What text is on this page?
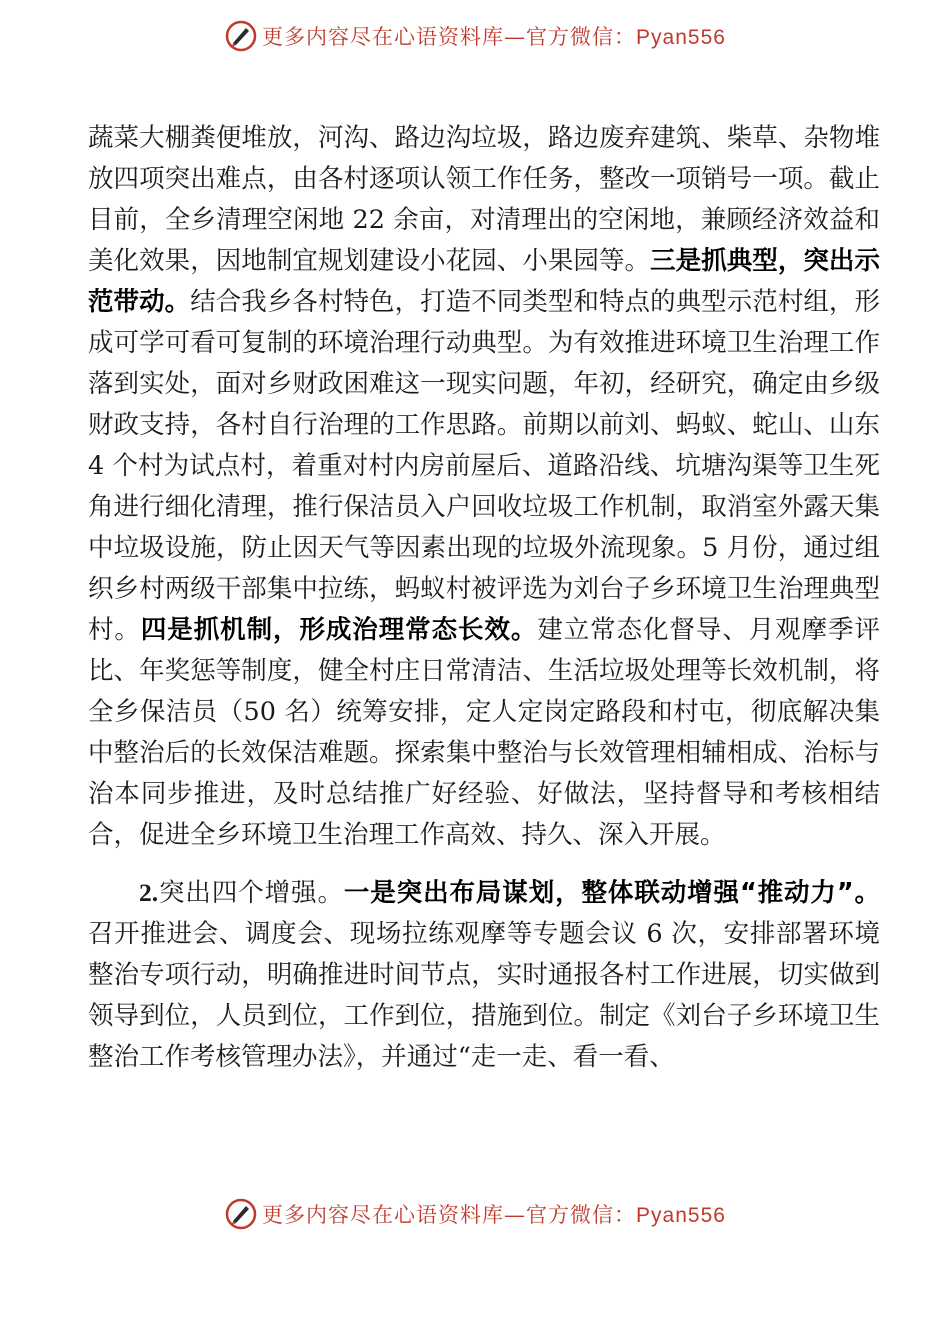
更多内容尽在心语资料库—官方微信：Pyan556

蔬菜大棚粪便堆放，河沟、路边沟垃圾，路边废弃建筑、柴草、杂物堆放四项突出难点，由各村逐项认领工作任务，整改一项销号一项。截止目前，全乡清理空闲地 22 余亩，对清理出的空闲地，兼顾经济效益和美化效果，因地制宜规划建设小花园、小果园等。三是抓典型，突出示范带动。结合我乡各村特色，打造不同类型和特点的典型示范村组，形成可学可看可复制的环境治理行动典型。为有效推进环境卫生治理工作落到实处，面对乡财政困难这一现实问题，年初，经研究，确定由乡级财政支持，各村自行治理的工作思路。前期以前刘、蚂蚁、蛇山、山东 4 个村为试点村，着重对村内房前屋后、道路沿线、坑塘沟渠等卫生死角进行细化清理，推行保洁员入户回收垃圾工作机制，取消室外露天集中垃圾设施，防止因天气等因素出现的垃圾外流现象。5 月份，通过组织乡村两级干部集中拉练，蚂蚁村被评选为刘台子乡环境卫生治理典型村。四是抓机制，形成治理常态长效。建立常态化督导、月观摩季评比、年奖惩等制度，健全村庄日常清洁、生活垃圾处理等长效机制，将全乡保洁员（50 名）统筹安排，定人定岗定路段和村屯，彻底解决集中整治后的长效保洁难题。探索集中整治与长效管理相辅相成、治标与治本同步推进，及时总结推广好经验、好做法，坚持督导和考核相结合，促进全乡环境卫生治理工作高效、持久、深入开展。

2.突出四个增强。一是突出布局谋划，整体联动增强“推动力”。召开推进会、调度会、现场拉练观摩等专题会议 6 次，安排部署环境整治专项行动，明确推进时间节点，实时通报各村工作进展，切实做到领导到位，人员到位，工作到位，措施到位。制定《刘台子乡环境卫生整治工作考核管理办法》，并通过“走一走、看一看、

更多内容尽在心语资料库—官方微信：Pyan556
